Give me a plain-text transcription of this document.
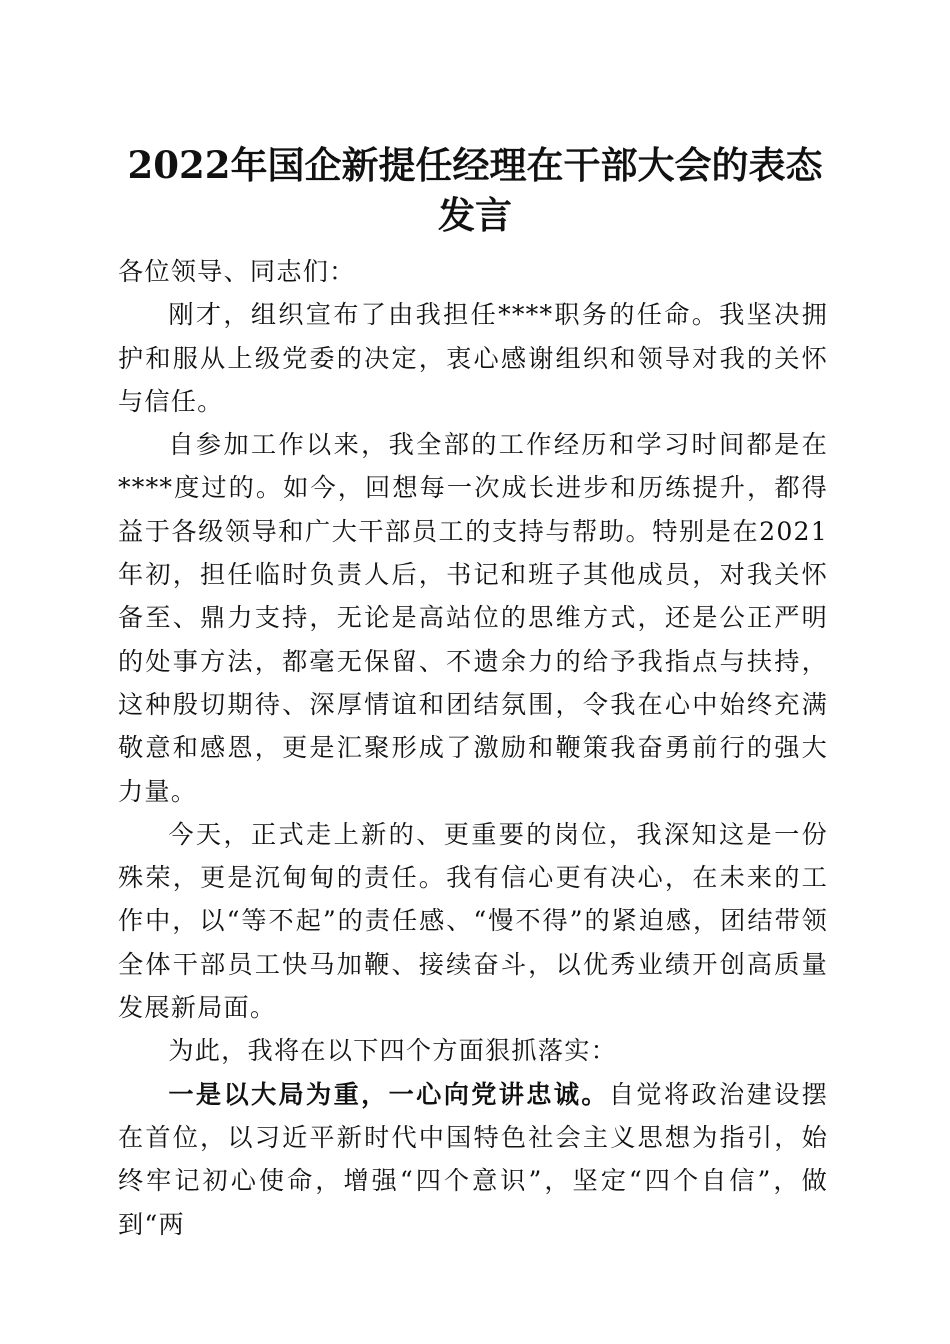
2022年国企新提任经理在干部大会的表态发言

各位领导、同志们：

刚才，组织宣布了由我担任****职务的任命。我坚决拥护和服从上级党委的决定，衷心感谢组织和领导对我的关怀与信任。

自参加工作以来，我全部的工作经历和学习时间都是在****度过的。如今，回想每一次成长进步和历练提升，都得益于各级领导和广大干部员工的支持与帮助。特别是在2021年初，担任临时负责人后，书记和班子其他成员，对我关怀备至、鼎力支持，无论是高站位的思维方式，还是公正严明的处事方法，都毫无保留、不遗余力的给予我指点与扶持，这种殷切期待、深厚情谊和团结氛围，令我在心中始终充满敬意和感恩，更是汇聚形成了激励和鞭策我奋勇前行的强大力量。

今天，正式走上新的、更重要的岗位，我深知这是一份殊荣，更是沉甸甸的责任。我有信心更有决心，在未来的工作中，以“等不起”的责任感、“慢不得”的紧迫感，团结带领全体干部员工快马加鞭、接续奋斗，以优秀业绩开创高质量发展新局面。

为此，我将在以下四个方面狠抓落实：

一是以大局为重，一心向党讲忠诚。自觉将政治建设摆在首位，以习近平新时代中国特色社会主义思想为指引，始终牢记初心使命，增强“四个意识”，坚定“四个自信”，做到“两
